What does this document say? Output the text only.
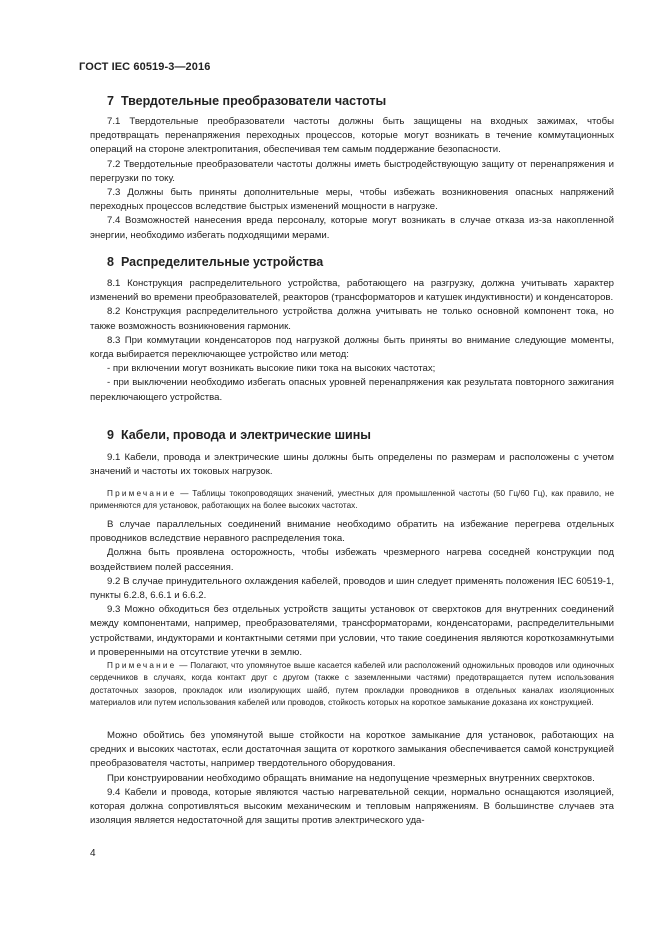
ГОСТ IEC 60519-3—2016
7 Твердотельные преобразователи частоты

7.1 Твердотельные преобразователи частоты должны быть защищены на входных зажимах, чтобы предотвращать перенапряжения переходных процессов, которые могут возникать в течение коммутационных операций на стороне электропитания, обеспечивая тем самым поддержание безопасности.

7.2 Твердотельные преобразователи частоты должны иметь быстродействующую защиту от перенапряжения и перегрузки по току.

7.3 Должны быть приняты дополнительные меры, чтобы избежать возникновения опасных напряжений переходных процессов вследствие быстрых изменений мощности в нагрузке.

7.4 Возможностей нанесения вреда персоналу, которые могут возникать в случае отказа из-за накопленной энергии, необходимо избегать подходящими мерами.

8 Распределительные устройства

8.1 Конструкция распределительного устройства, работающего на разгрузку, должна учитывать характер изменений во времени преобразователей, реакторов (трансформаторов и катушек индуктивности) и конденсаторов.

8.2 Конструкция распределительного устройства должна учитывать не только основной компонент тока, но также возможность возникновения гармоник.

8.3 При коммутации конденсаторов под нагрузкой должны быть приняты во внимание следующие моменты, когда выбирается переключающее устройство или метод:

- при включении могут возникать высокие пики тока на высоких частотах;

- при выключении необходимо избегать опасных уровней перенапряжения как результата повторного зажигания переключающего устройства.

9 Кабели, провода и электрические шины

9.1 Кабели, провода и электрические шины должны быть определены по размерам и расположены с учетом значений и частоты их токовых нагрузок.

Примечание — Таблицы токопроводящих значений, уместных для промышленной частоты (50 Гц/60 Гц), как правило, не применяются для установок, работающих на более высоких частотах.

В случае параллельных соединений внимание необходимо обратить на избежание перегрева отдельных проводников вследствие неравного распределения тока.

Должна быть проявлена осторожность, чтобы избежать чрезмерного нагрева соседней конструкции под воздействием полей рассеяния.

9.2 В случае принудительного охлаждения кабелей, проводов и шин следует применять положения IEC 60519-1, пункты 6.2.8, 6.6.1 и 6.6.2.

9.3 Можно обходиться без отдельных устройств защиты установок от сверхтоков для внутренних соединений между компонентами, например, преобразователями, трансформаторами, конденсаторами, распределительными устройствами, индукторами и контактными сетями при условии, что такие соединения являются короткозамкнутыми и проверенными на отсутствие утечки в землю.

Примечание — Полагают, что упомянутое выше касается кабелей или расположений одножильных проводов или одиночных сердечников в случаях, когда контакт друг с другом (также с заземленными частями) предотвращается путем использования достаточных зазоров, прокладок или изолирующих шайб, путем прокладки проводников в отдельных каналах изоляционных материалов или путем использования кабелей или проводов, стойкость которых на короткое замыкание доказана их конструкцией.

Можно обойтись без упомянутой выше стойкости на короткое замыкание для установок, работающих на средних и высоких частотах, если достаточная защита от короткого замыкания обеспечивается самой конструкцией преобразователя частоты, например твердотельного оборудования.

При конструировании необходимо обращать внимание на недопущение чрезмерных внутренних сверхтоков.

9.4 Кабели и провода, которые являются частью нагревательной секции, нормально оснащаются изоляцией, которая должна сопротивляться высоким механическим и тепловым напряжениям. В большинстве случаев эта изоляция является недостаточной для защиты против электрического уда-

4
